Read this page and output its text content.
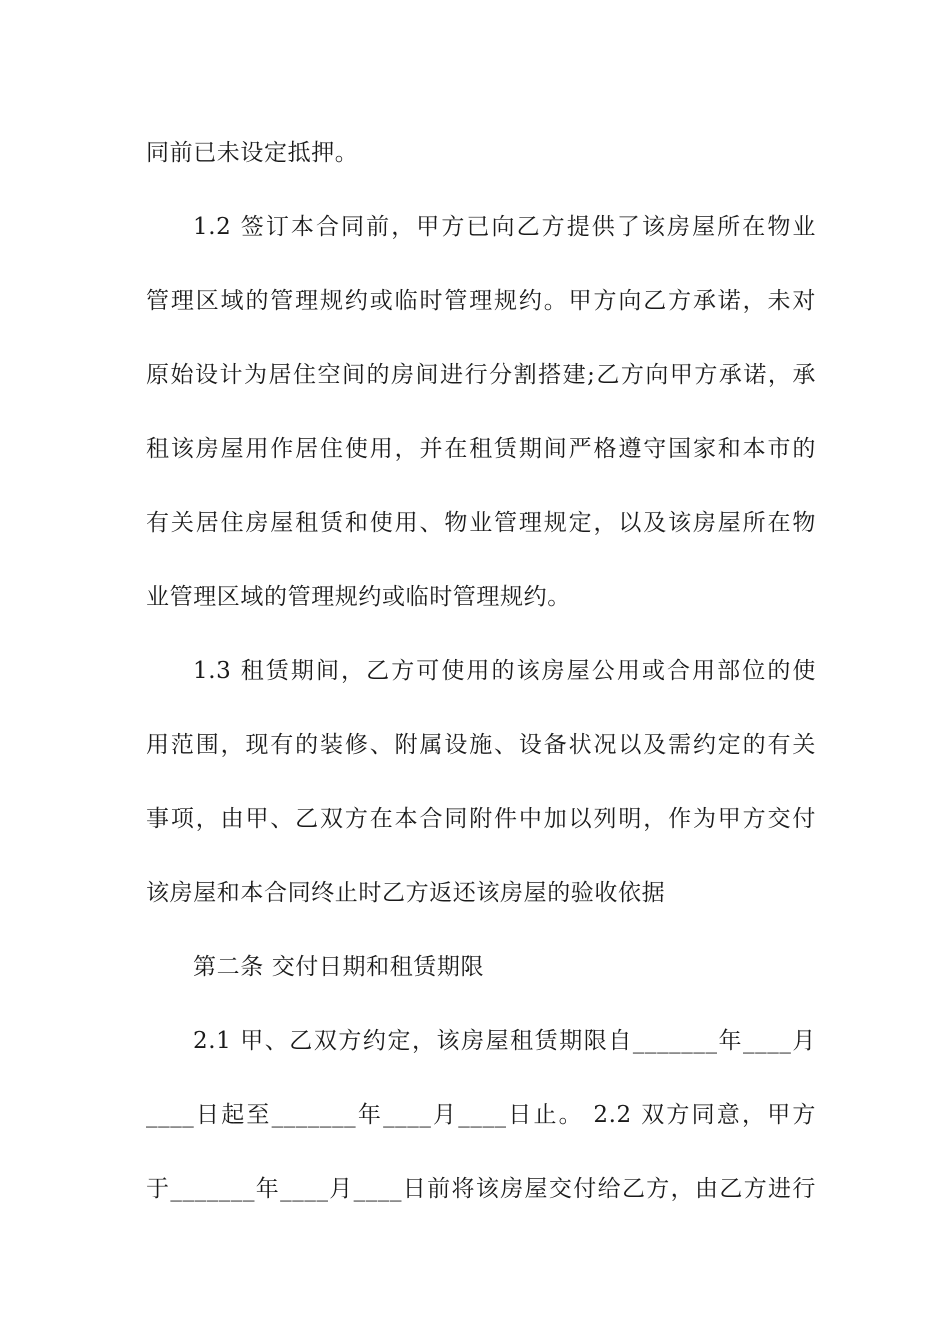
同前已未设定抵押。
1.2 签订本合同前，甲方已向乙方提供了该房屋所在物业
管理区域的管理规约或临时管理规约。甲方向乙方承诺，未对
原始设计为居住空间的房间进行分割搭建;乙方向甲方承诺，承
租该房屋用作居住使用，并在租赁期间严格遵守国家和本市的
有关居住房屋租赁和使用、物业管理规定，以及该房屋所在物
业管理区域的管理规约或临时管理规约。
1.3 租赁期间，乙方可使用的该房屋公用或合用部位的使
用范围，现有的装修、附属设施、设备状况以及需约定的有关
事项，由甲、乙双方在本合同附件中加以列明，作为甲方交付
该房屋和本合同终止时乙方返还该房屋的验收依据
第二条 交付日期和租赁期限
2.1 甲、乙双方约定，该房屋租赁期限自_______年____月
____日起至_______年____月____日止。 2.2 双方同意，甲方
于_______年____月____日前将该房屋交付给乙方，由乙方进行
